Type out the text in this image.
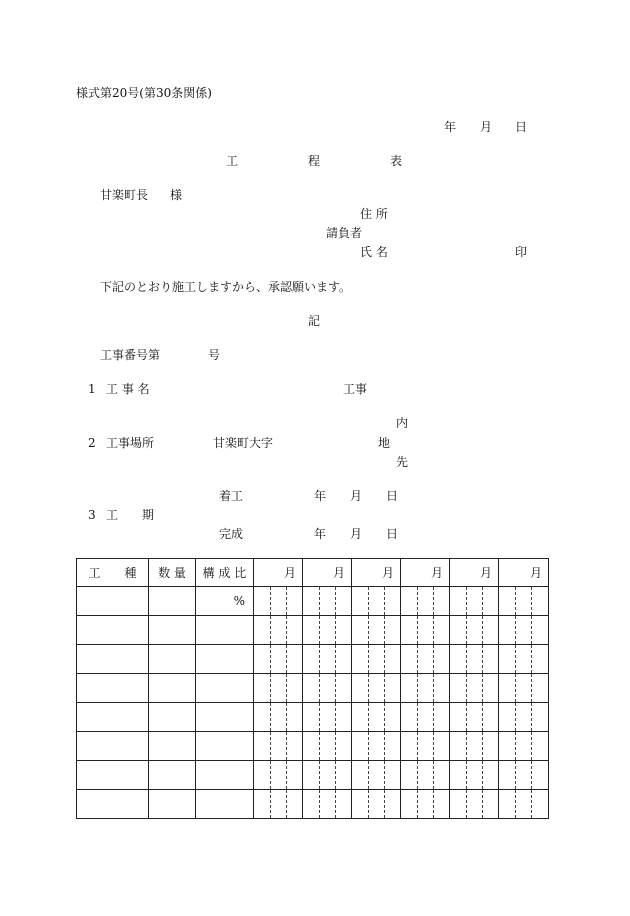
様式第20号(第30条関係)
年 月 日
工	程	表
甘楽町長 様
住 所
請負者
氏 名	印
下記のとおり施工しますから、承認願います。
記
工事番号第	号
1 工 事 名	工事
内
2 工事場所	甘楽町大字	地
先
着工	年 月 日
3 工　　期
完成	年 月 日
工　　種	数 量	構 成 比	月	月	月	月	月	月
		%	
